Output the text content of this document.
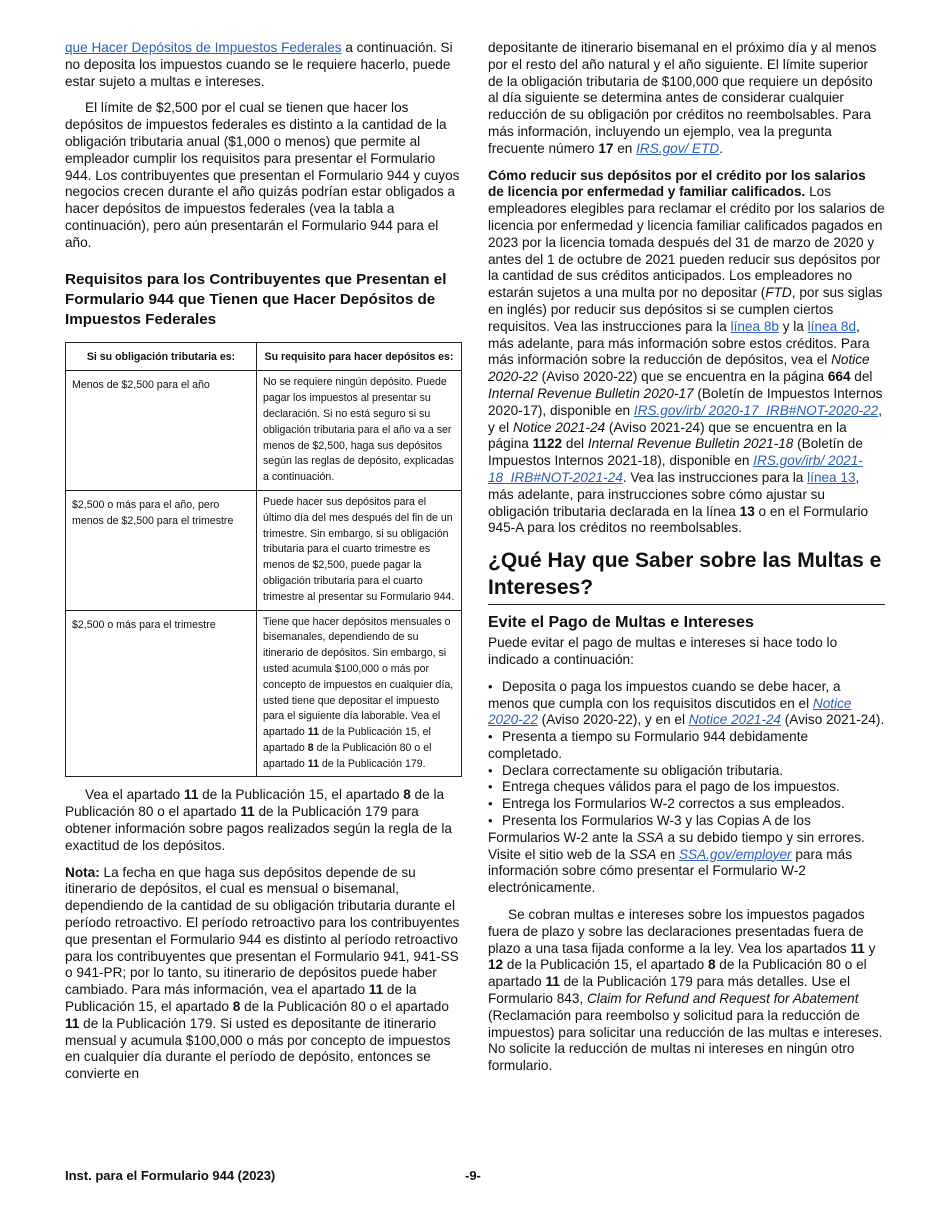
que Hacer Depósitos de Impuestos Federales a continuación. Si no deposita los impuestos cuando se le requiere hacerlo, puede estar sujeto a multas e intereses.

El límite de $2,500 por el cual se tienen que hacer los depósitos de impuestos federales es distinto a la cantidad de la obligación tributaria anual ($1,000 o menos) que permite al empleador cumplir los requisitos para presentar el Formulario 944. Los contribuyentes que presentan el Formulario 944 y cuyos negocios crecen durante el año quizás podrían estar obligados a hacer depósitos de impuestos federales (vea la tabla a continuación), pero aún presentarán el Formulario 944 para el año.

Requisitos para los Contribuyentes que Presentan el Formulario 944 que Tienen que Hacer Depósitos de Impuestos Federales
Si su obligación tributaria es:	Su requisito para hacer depósitos es:
Menos de $2,500 para el año	No se requiere ningún depósito. Puede pagar los impuestos al presentar su declaración. Si no está seguro si su obligación tributaria para el año va a ser menos de $2,500, haga sus depósitos según las reglas de depósito, explicadas a continuación.
$2,500 o más para el año, pero menos de $2,500 para el trimestre	Puede hacer sus depósitos para el último día del mes después del fin de un trimestre. Sin embargo, si su obligación tributaria para el cuarto trimestre es menos de $2,500, puede pagar la obligación tributaria para el cuarto trimestre al presentar su Formulario 944.
$2,500 o más para el trimestre	Tiene que hacer depósitos mensuales o bisemanales, dependiendo de su itinerario de depósitos. Sin embargo, si usted acumula $100,000 o más por concepto de impuestos en cualquier día, usted tiene que depositar el impuesto para el siguiente día laborable. Vea el apartado 11 de la Publicación 15, el apartado 8 de la Publicación 80 o el apartado 11 de la Publicación 179.

Vea el apartado 11 de la Publicación 15, el apartado 8 de la Publicación 80 o el apartado 11 de la Publicación 179 para obtener información sobre pagos realizados según la regla de la exactitud de los depósitos.

Nota: La fecha en que haga sus depósitos depende de su itinerario de depósitos, el cual es mensual o bisemanal, dependiendo de la cantidad de su obligación tributaria durante el período retroactivo. El período retroactivo para los contribuyentes que presentan el Formulario 944 es distinto al período retroactivo para los contribuyentes que presentan el Formulario 941, 941-SS o 941-PR; por lo tanto, su itinerario de depósitos puede haber cambiado. Para más información, vea el apartado 11 de la Publicación 15, el apartado 8 de la Publicación 80 o el apartado 11 de la Publicación 179. Si usted es depositante de itinerario mensual y acumula $100,000 o más por concepto de impuestos en cualquier día durante el período de depósito, entonces se convierte en

depositante de itinerario bisemanal en el próximo día y al menos por el resto del año natural y el año siguiente. El límite superior de la obligación tributaria de $100,000 que requiere un depósito al día siguiente se determina antes de considerar cualquier reducción de su obligación por créditos no reembolsables. Para más información, incluyendo un ejemplo, vea la pregunta frecuente número 17 en IRS.gov/ ETD.

Cómo reducir sus depósitos por el crédito por los salarios de licencia por enfermedad y familiar calificados. Los empleadores elegibles para reclamar el crédito por los salarios de licencia por enfermedad y licencia familiar calificados pagados en 2023 por la licencia tomada después del 31 de marzo de 2020 y antes del 1 de octubre de 2021 pueden reducir sus depósitos por la cantidad de sus créditos anticipados. Los empleadores no estarán sujetos a una multa por no depositar (FTD, por sus siglas en inglés) por reducir sus depósitos si se cumplen ciertos requisitos. Vea las instrucciones para la línea 8b y la línea 8d, más adelante, para más información sobre estos créditos. Para más información sobre la reducción de depósitos, vea el Notice 2020-22 (Aviso 2020-22) que se encuentra en la página 664 del Internal Revenue Bulletin 2020-17 (Boletín de Impuestos Internos 2020-17), disponible en IRS.gov/irb/ 2020-17_IRB#NOT-2020-22, y el Notice 2021-24 (Aviso 2021-24) que se encuentra en la página 1122 del Internal Revenue Bulletin 2021-18 (Boletín de Impuestos Internos 2021-18), disponible en IRS.gov/irb/ 2021-18_IRB#NOT-2021-24. Vea las instrucciones para la línea 13, más adelante, para instrucciones sobre cómo ajustar su obligación tributaria declarada en la línea 13 o en el Formulario 945-A para los créditos no reembolsables.

¿Qué Hay que Saber sobre las Multas e Intereses?
Evite el Pago de Multas e Intereses

Puede evitar el pago de multas e intereses si hace todo lo indicado a continuación:

• Deposita o paga los impuestos cuando se debe hacer, a menos que cumpla con los requisitos discutidos en el Notice 2020-22 (Aviso 2020-22), y en el Notice 2021-24 (Aviso 2021-24).
• Presenta a tiempo su Formulario 944 debidamente completado.
• Declara correctamente su obligación tributaria.
• Entrega cheques válidos para el pago de los impuestos.
• Entrega los Formularios W-2 correctos a sus empleados.
• Presenta los Formularios W-3 y las Copias A de los Formularios W-2 ante la SSA a su debido tiempo y sin errores. Visite el sitio web de la SSA en SSA.gov/employer para más información sobre cómo presentar el Formulario W-2 electrónicamente.

Se cobran multas e intereses sobre los impuestos pagados fuera de plazo y sobre las declaraciones presentadas fuera de plazo a una tasa fijada conforme a la ley. Vea los apartados 11 y 12 de la Publicación 15, el apartado 8 de la Publicación 80 o el apartado 11 de la Publicación 179 para más detalles. Use el Formulario 843, Claim for Refund and Request for Abatement (Reclamación para reembolso y solicitud para la reducción de impuestos) para solicitar una reducción de las multas e intereses. No solicite la reducción de multas ni intereses en ningún otro formulario.

Inst. para el Formulario 944 (2023)	-9-
